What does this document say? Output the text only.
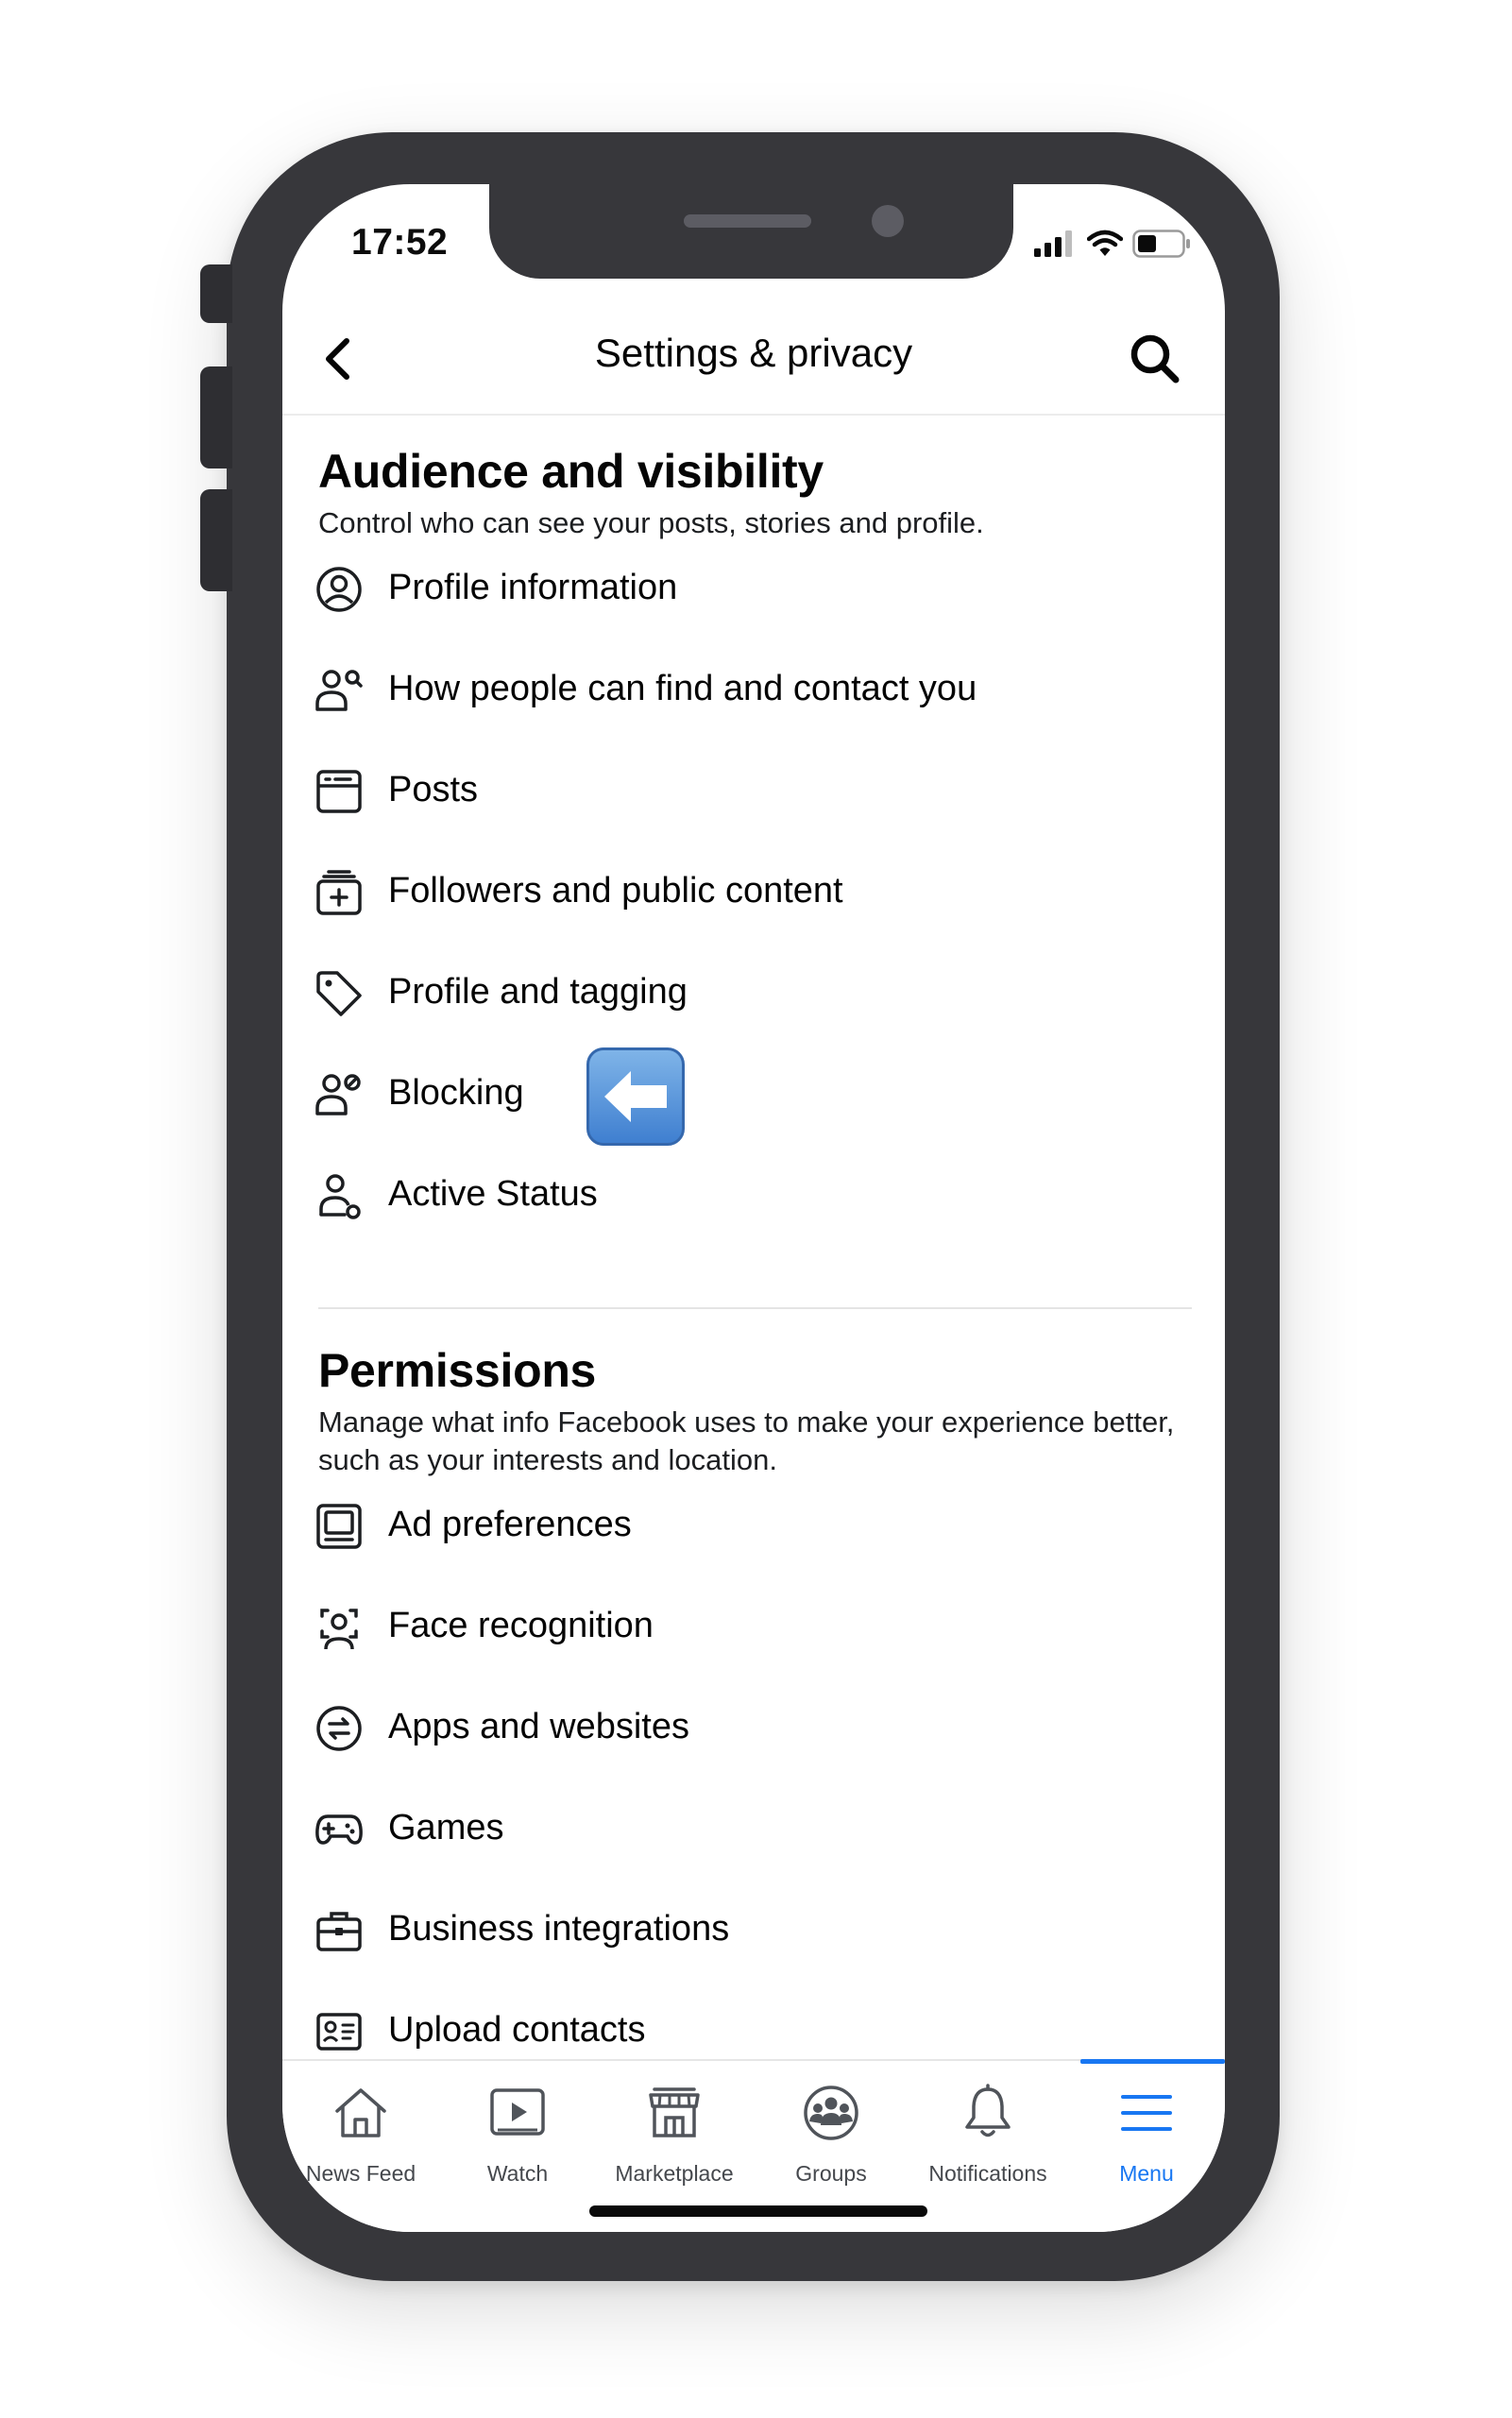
17:52
Settings & privacy
Audience and visibility
Control who can see your posts, stories and profile.
Profile information
How people can find and contact you
Posts
Followers and public content
Profile and tagging
Blocking
Active Status
Permissions
Manage what info Facebook uses to make your experience better, such as your interests and location.
Ad preferences
Face recognition
Apps and websites
Games
Business integrations
Upload contacts
News Feed	Watch	Marketplace	Groups	Notifications	Menu
